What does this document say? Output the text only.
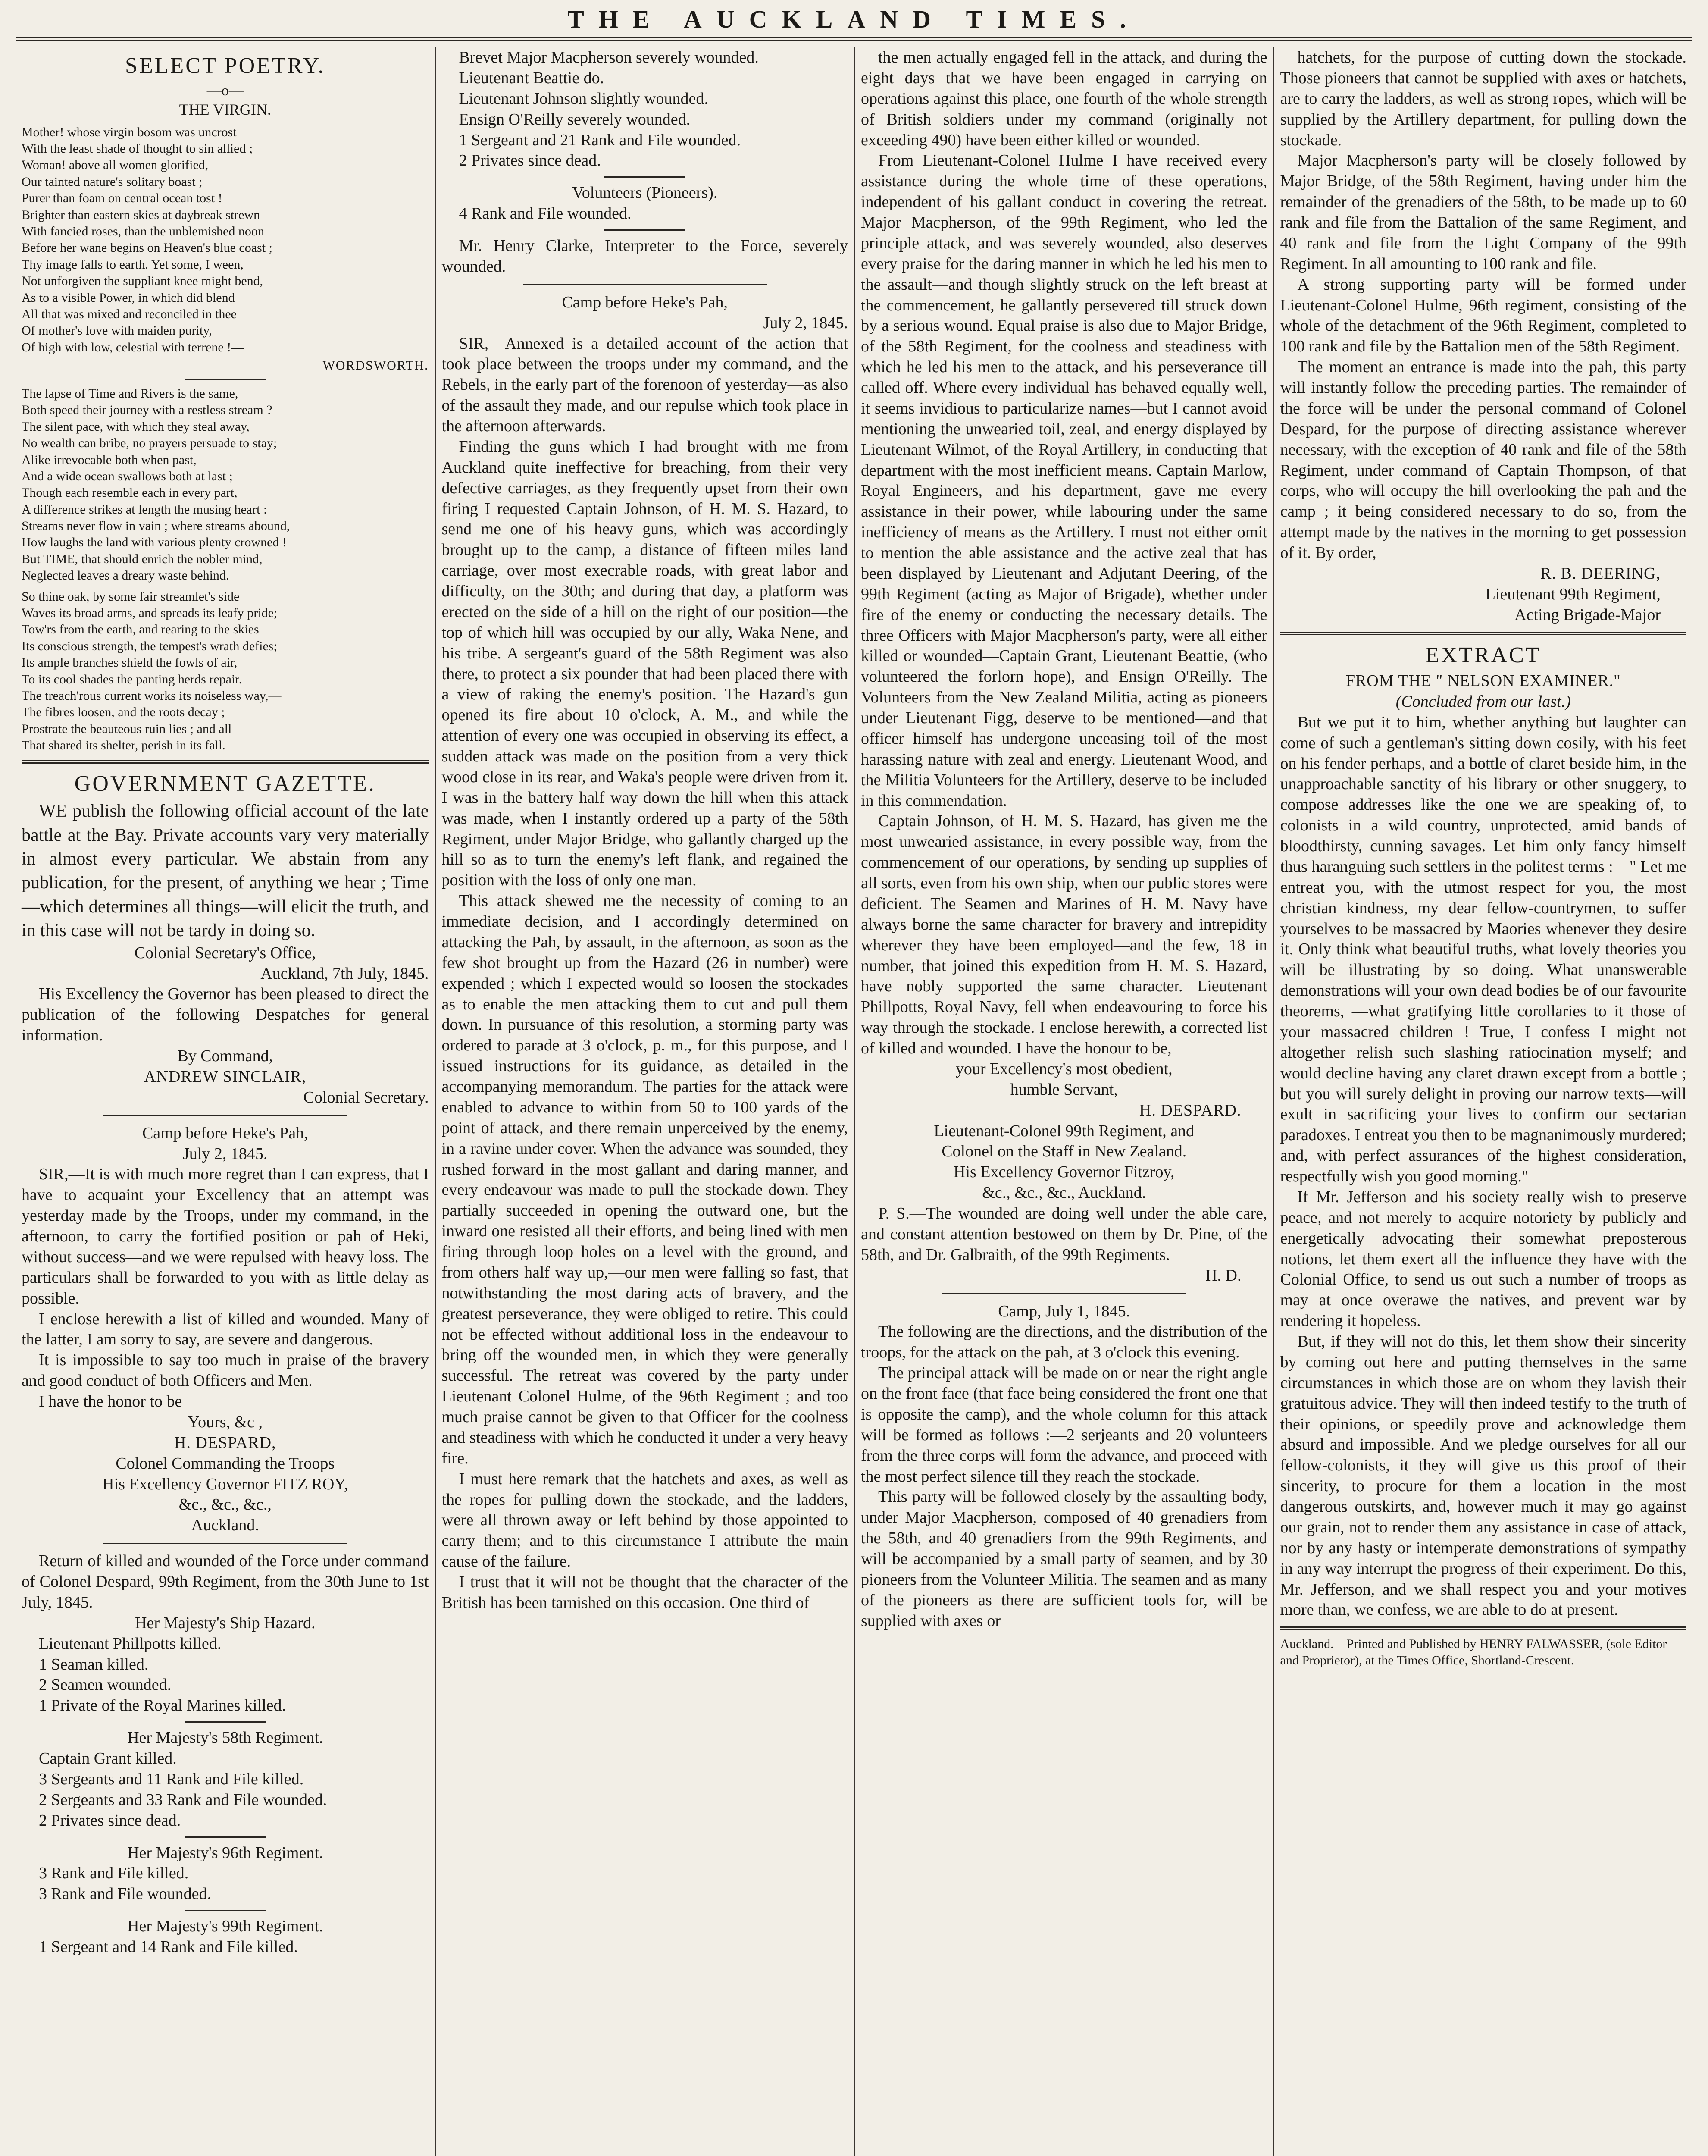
THE AUCKLAND TIMES.
SELECT POETRY.
—o—
THE VIRGIN.
Mother! whose virgin bosom was uncrost
With the least shade of thought to sin allied ;
Woman! above all women glorified,
Our tainted nature's solitary boast ;
Purer than foam on central ocean tost !
Brighter than eastern skies at daybreak strewn
With fancied roses, than the unblemished noon
Before her wane begins on Heaven's blue coast ;
Thy image falls to earth. Yet some, I ween,
Not unforgiven the suppliant knee might bend,
As to a visible Power, in which did blend
All that was mixed and reconciled in thee
Of mother's love with maiden purity,
Of high with low, celestial with terrene !—
WORDSWORTH.
The lapse of Time and Rivers is the same,
Both speed their journey with a restless stream ?
The silent pace, with which they steal away,
No wealth can bribe, no prayers persuade to stay;
Alike irrevocable both when past,
And a wide ocean swallows both at last ;
Though each resemble each in every part,
A difference strikes at length the musing heart :
Streams never flow in vain ; where streams abound,
How laughs the land with various plenty crowned !
But TIME, that should enrich the nobler mind,
Neglected leaves a dreary waste behind.
So thine oak, by some fair streamlet's side
Waves its broad arms, and spreads its leafy pride;
Tow'rs from the earth, and rearing to the skies
Its conscious strength, the tempest's wrath defies;
Its ample branches shield the fowls of air,
To its cool shades the panting herds repair.
The treach'rous current works its noiseless way,—
The fibres loosen, and the roots decay ;
Prostrate the beauteous ruin lies ; and all
That shared its shelter, perish in its fall.
GOVERNMENT GAZETTE.

WE publish the following official account of the late battle at the Bay. Private accounts vary very materially in almost every particular. We abstain from any publication, for the present, of anything we hear ; Time—which determines all things—will elicit the truth, and in this case will not be tardy in doing so.

Colonial Secretary's Office,

Auckland, 7th July, 1845.

His Excellency the Governor has been pleased to direct the publication of the following Despatches for general information.

By Command,

ANDREW SINCLAIR,

Colonial Secretary.

Camp before Heke's Pah,

July 2, 1845.

SIR,—It is with much more regret than I can express, that I have to acquaint your Excellency that an attempt was yesterday made by the Troops, under my command, in the afternoon, to carry the fortified position or pah of Heki, without success—and we were repulsed with heavy loss. The particulars shall be forwarded to you with as little delay as possible.

I enclose herewith a list of killed and wounded. Many of the latter, I am sorry to say, are severe and dangerous.

It is impossible to say too much in praise of the bravery and good conduct of both Officers and Men.

I have the honor to be

Yours, &c ,

H. DESPARD,

Colonel Commanding the Troops

His Excellency Governor FITZ ROY,

&c., &c., &c.,

Auckland.

Return of killed and wounded of the Force under command of Colonel Despard, 99th Regiment, from the 30th June to 1st July, 1845.

Her Majesty's Ship Hazard.

Lieutenant Phillpotts killed.

1 Seaman killed.

2 Seamen wounded.

1 Private of the Royal Marines killed.

Her Majesty's 58th Regiment.

Captain Grant killed.

3 Sergeants and 11 Rank and File killed.

2 Sergeants and 33 Rank and File wounded.

2 Privates since dead.

Her Majesty's 96th Regiment.

3 Rank and File killed.

3 Rank and File wounded.

Her Majesty's 99th Regiment.

1 Sergeant and 14 Rank and File killed.

Brevet Major Macpherson severely wounded.

Lieutenant Beattie do.

Lieutenant Johnson slightly wounded.

Ensign O'Reilly severely wounded.

1 Sergeant and 21 Rank and File wounded.

2 Privates since dead.

Volunteers (Pioneers).

4 Rank and File wounded.

Mr. Henry Clarke, Interpreter to the Force, severely wounded.

Camp before Heke's Pah,

July 2, 1845.

SIR,—Annexed is a detailed account of the action that took place between the troops under my command, and the Rebels, in the early part of the forenoon of yesterday—as also of the assault they made, and our repulse which took place in the afternoon afterwards.

Finding the guns which I had brought with me from Auckland quite ineffective for breaching, from their very defective carriages, as they frequently upset from their own firing I requested Captain Johnson, of H. M. S. Hazard, to send me one of his heavy guns, which was accordingly brought up to the camp, a distance of fifteen miles land carriage, over most execrable roads, with great labor and difficulty, on the 30th; and during that day, a platform was erected on the side of a hill on the right of our position—the top of which hill was occupied by our ally, Waka Nene, and his tribe. A sergeant's guard of the 58th Regiment was also there, to protect a six pounder that had been placed there with a view of raking the enemy's position. The Hazard's gun opened its fire about 10 o'clock, A. M., and while the attention of every one was occupied in observing its effect, a sudden attack was made on the position from a very thick wood close in its rear, and Waka's people were driven from it. I was in the battery half way down the hill when this attack was made, when I instantly ordered up a party of the 58th Regiment, under Major Bridge, who gallantly charged up the hill so as to turn the enemy's left flank, and regained the position with the loss of only one man.

This attack shewed me the necessity of coming to an immediate decision, and I accordingly determined on attacking the Pah, by assault, in the afternoon, as soon as the few shot brought up from the Hazard (26 in number) were expended ; which I expected would so loosen the stockades as to enable the men attacking them to cut and pull them down. In pursuance of this resolution, a storming party was ordered to parade at 3 o'clock, p. m., for this purpose, and I issued instructions for its guidance, as detailed in the accompanying memorandum. The parties for the attack were enabled to advance to within from 50 to 100 yards of the point of attack, and there remain unperceived by the enemy, in a ravine under cover. When the advance was sounded, they rushed forward in the most gallant and daring manner, and every endeavour was made to pull the stockade down. They partially succeeded in opening the outward one, but the inward one resisted all their efforts, and being lined with men firing through loop holes on a level with the ground, and from others half way up,—our men were falling so fast, that notwithstanding the most daring acts of bravery, and the greatest perseverance, they were obliged to retire. This could not be effected without additional loss in the endeavour to bring off the wounded men, in which they were generally successful. The retreat was covered by the party under Lieutenant Colonel Hulme, of the 96th Regiment ; and too much praise cannot be given to that Officer for the coolness and steadiness with which he conducted it under a very heavy fire.

I must here remark that the hatchets and axes, as well as the ropes for pulling down the stockade, and the ladders, were all thrown away or left behind by those appointed to carry them; and to this circumstance I attribute the main cause of the failure.

I trust that it will not be thought that the character of the British has been tarnished on this occasion. One third of

the men actually engaged fell in the attack, and during the eight days that we have been engaged in carrying on operations against this place, one fourth of the whole strength of British soldiers under my command (originally not exceeding 490) have been either killed or wounded.

From Lieutenant-Colonel Hulme I have received every assistance during the whole time of these operations, independent of his gallant conduct in covering the retreat. Major Macpherson, of the 99th Regiment, who led the principle attack, and was severely wounded, also deserves every praise for the daring manner in which he led his men to the assault—and though slightly struck on the left breast at the commencement, he gallantly persevered till struck down by a serious wound. Equal praise is also due to Major Bridge, of the 58th Regiment, for the coolness and steadiness with which he led his men to the attack, and his perseverance till called off. Where every individual has behaved equally well, it seems invidious to particularize names—but I cannot avoid mentioning the unwearied toil, zeal, and energy displayed by Lieutenant Wilmot, of the Royal Artillery, in conducting that department with the most inefficient means. Captain Marlow, Royal Engineers, and his department, gave me every assistance in their power, while labouring under the same inefficiency of means as the Artillery. I must not either omit to mention the able assistance and the active zeal that has been displayed by Lieutenant and Adjutant Deering, of the 99th Regiment (acting as Major of Brigade), whether under fire of the enemy or conducting the necessary details. The three Officers with Major Macpherson's party, were all either killed or wounded—Captain Grant, Lieutenant Beattie, (who volunteered the forlorn hope), and Ensign O'Reilly. The Volunteers from the New Zealand Militia, acting as pioneers under Lieutenant Figg, deserve to be mentioned—and that officer himself has undergone unceasing toil of the most harassing nature with zeal and energy. Lieutenant Wood, and the Militia Volunteers for the Artillery, deserve to be included in this commendation.

Captain Johnson, of H. M. S. Hazard, has given me the most unwearied assistance, in every possible way, from the commencement of our operations, by sending up supplies of all sorts, even from his own ship, when our public stores were deficient. The Seamen and Marines of H. M. Navy have always borne the same character for bravery and intrepidity wherever they have been employed—and the few, 18 in number, that joined this expedition from H. M. S. Hazard, have nobly supported the same character. Lieutenant Phillpotts, Royal Navy, fell when endeavouring to force his way through the stockade. I enclose herewith, a corrected list of killed and wounded. I have the honour to be,

your Excellency's most obedient,

humble Servant,

H. DESPARD.

Lieutenant-Colonel 99th Regiment, and

Colonel on the Staff in New Zealand.

His Excellency Governor Fitzroy,

&c., &c., &c., Auckland.

P. S.—The wounded are doing well under the able care, and constant attention bestowed on them by Dr. Pine, of the 58th, and Dr. Galbraith, of the 99th Regiments.

H. D.

Camp, July 1, 1845.

The following are the directions, and the distribution of the troops, for the attack on the pah, at 3 o'clock this evening.

The principal attack will be made on or near the right angle on the front face (that face being considered the front one that is opposite the camp), and the whole column for this attack will be formed as follows :—2 serjeants and 20 volunteers from the three corps will form the advance, and proceed with the most perfect silence till they reach the stockade.

This party will be followed closely by the assaulting body, under Major Macpherson, composed of 40 grenadiers from the 58th, and 40 grenadiers from the 99th Regiments, and will be accompanied by a small party of seamen, and by 30 pioneers from the Volunteer Militia. The seamen and as many of the pioneers as there are sufficient tools for, will be supplied with axes or

hatchets, for the purpose of cutting down the stockade. Those pioneers that cannot be supplied with axes or hatchets, are to carry the ladders, as well as strong ropes, which will be supplied by the Artillery department, for pulling down the stockade.

Major Macpherson's party will be closely followed by Major Bridge, of the 58th Regiment, having under him the remainder of the grenadiers of the 58th, to be made up to 60 rank and file from the Battalion of the same Regiment, and 40 rank and file from the Light Company of the 99th Regiment. In all amounting to 100 rank and file.

A strong supporting party will be formed under Lieutenant-Colonel Hulme, 96th regiment, consisting of the whole of the detachment of the 96th Regiment, completed to 100 rank and file by the Battalion men of the 58th Regiment.

The moment an entrance is made into the pah, this party will instantly follow the preceding parties. The remainder of the force will be under the personal command of Colonel Despard, for the purpose of directing assistance wherever necessary, with the exception of 40 rank and file of the 58th Regiment, under command of Captain Thompson, of that corps, who will occupy the hill overlooking the pah and the camp ; it being considered necessary to do so, from the attempt made by the natives in the morning to get possession of it. By order,

R. B. DEERING,

Lieutenant 99th Regiment,

Acting Brigade-Major

EXTRACT

FROM THE " NELSON EXAMINER."

(Concluded from our last.)

But we put it to him, whether anything but laughter can come of such a gentleman's sitting down cosily, with his feet on his fender perhaps, and a bottle of claret beside him, in the unapproachable sanctity of his library or other snuggery, to compose addresses like the one we are speaking of, to colonists in a wild country, unprotected, amid bands of bloodthirsty, cunning savages. Let him only fancy himself thus haranguing such settlers in the politest terms :—" Let me entreat you, with the utmost respect for you, the most christian kindness, my dear fellow-countrymen, to suffer yourselves to be massacred by Maories whenever they desire it. Only think what beautiful truths, what lovely theories you will be illustrating by so doing. What unanswerable demonstrations will your own dead bodies be of our favourite theorems, —what gratifying little corollaries to it those of your massacred children ! True, I confess I might not altogether relish such slashing ratiocination myself; and would decline having any claret drawn except from a bottle ; but you will surely delight in proving our narrow texts—will exult in sacrificing your lives to confirm our sectarian paradoxes. I entreat you then to be magnanimously murdered; and, with perfect assurances of the highest consideration, respectfully wish you good morning."

If Mr. Jefferson and his society really wish to preserve peace, and not merely to acquire notoriety by publicly and energetically advocating their somewhat preposterous notions, let them exert all the influence they have with the Colonial Office, to send us out such a number of troops as may at once overawe the natives, and prevent war by rendering it hopeless.

But, if they will not do this, let them show their sincerity by coming out here and putting themselves in the same circumstances in which those are on whom they lavish their gratuitous advice. They will then indeed testify to the truth of their opinions, or speedily prove and acknowledge them absurd and impossible. And we pledge ourselves for all our fellow-colonists, it they will give us this proof of their sincerity, to procure for them a location in the most dangerous outskirts, and, however much it may go against our grain, not to render them any assistance in case of attack, nor by any hasty or intemperate demonstrations of sympathy in any way interrupt the progress of their experiment. Do this, Mr. Jefferson, and we shall respect you and your motives more than, we confess, we are able to do at present.

Auckland.—Printed and Published by HENRY FALWASSER, (sole Editor and Proprietor), at the Times Office, Shortland-Crescent.
